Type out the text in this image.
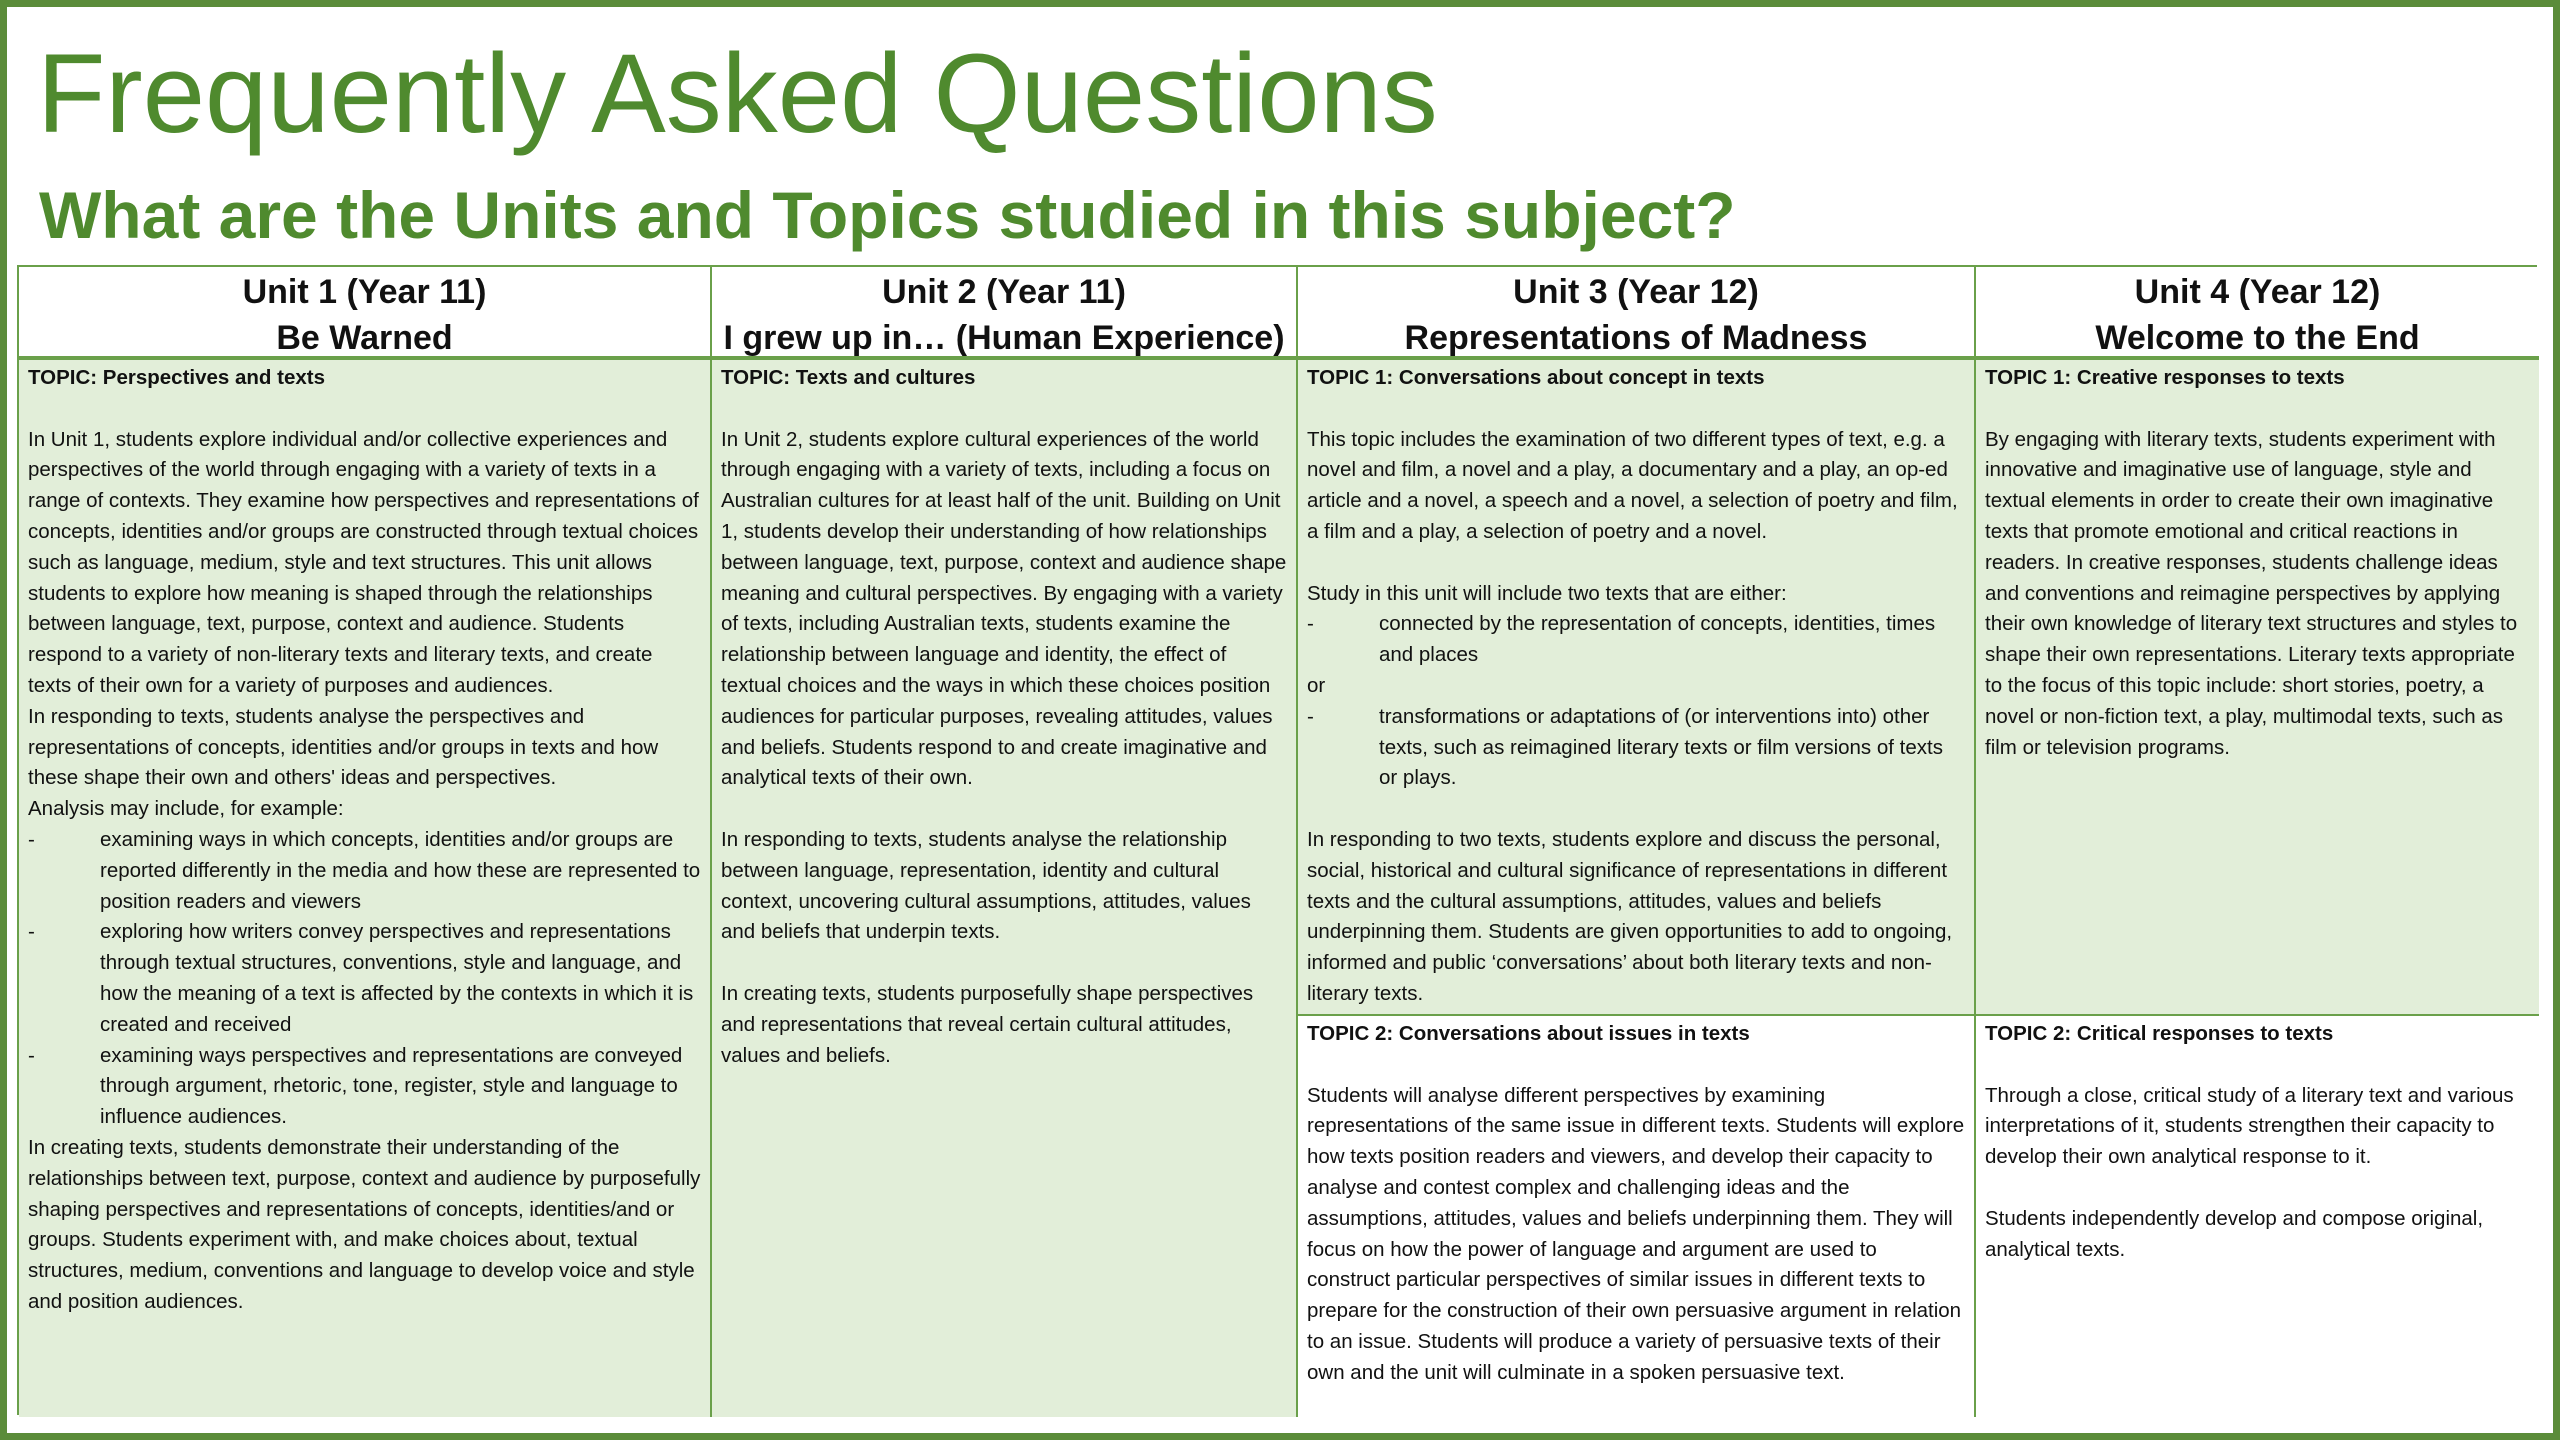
Frequently Asked Questions
What are the Units and Topics studied in this subject?
Unit 1 (Year 11)
Be Warned
Unit 2 (Year 11)
I grew up in… (Human Experience)
Unit 3 (Year 12)
Representations of Madness
Unit 4 (Year 12)
Welcome to the End
TOPIC: Perspectives and texts
In Unit 1, students explore individual and/or collective experiences and perspectives of the world through engaging with a variety of texts in a range of contexts. They examine how perspectives and representations of concepts, identities and/or groups are constructed through textual choices such as language, medium, style and text structures. This unit allows students to explore how meaning is shaped through the relationships between language, text, purpose, context and audience. Students respond to a variety of non-literary texts and literary texts, and create texts of their own for a variety of purposes and audiences.
In responding to texts, students analyse the perspectives and representations of concepts, identities and/or groups in texts and how these shape their own and others' ideas and perspectives.
Analysis may include, for example:
- examining ways in which concepts, identities and/or groups are reported differently in the media and how these are represented to position readers and viewers
- exploring how writers convey perspectives and representations through textual structures, conventions, style and language, and how the meaning of a text is affected by the contexts in which it is created and received
- examining ways perspectives and representations are conveyed through argument, rhetoric, tone, register, style and language to influence audiences.
In creating texts, students demonstrate their understanding of the relationships between text, purpose, context and audience by purposefully shaping perspectives and representations of concepts, identities/and or groups. Students experiment with, and make choices about, textual structures, medium, conventions and language to develop voice and style and position audiences.
TOPIC: Texts and cultures
In Unit 2, students explore cultural experiences of the world through engaging with a variety of texts, including a focus on Australian cultures for at least half of the unit. Building on Unit 1, students develop their understanding of how relationships between language, text, purpose, context and audience shape meaning and cultural perspectives. By engaging with a variety of texts, including Australian texts, students examine the relationship between language and identity, the effect of textual choices and the ways in which these choices position audiences for particular purposes, revealing attitudes, values and beliefs. Students respond to and create imaginative and analytical texts of their own.
In responding to texts, students analyse the relationship between language, representation, identity and cultural context, uncovering cultural assumptions, attitudes, values and beliefs that underpin texts.
In creating texts, students purposefully shape perspectives and representations that reveal certain cultural attitudes, values and beliefs.
TOPIC 1: Conversations about concept in texts
This topic includes the examination of two different types of text, e.g. a novel and film, a novel and a play, a documentary and a play, an op-ed article and a novel, a speech and a novel, a selection of poetry and film, a film and a play, a selection of poetry and a novel.
Study in this unit will include two texts that are either:
- connected by the representation of concepts, identities, times and places
or
- transformations or adaptations of (or interventions into) other texts, such as reimagined literary texts or film versions of texts or plays.
In responding to two texts, students explore and discuss the personal, social, historical and cultural significance of representations in different texts and the cultural assumptions, attitudes, values and beliefs underpinning them. Students are given opportunities to add to ongoing, informed and public ‘conversations’ about both literary texts and non-literary texts.
TOPIC 1: Creative responses to texts
By engaging with literary texts, students experiment with innovative and imaginative use of language, style and textual elements in order to create their own imaginative texts that promote emotional and critical reactions in readers. In creative responses, students challenge ideas and conventions and reimagine perspectives by applying their own knowledge of literary text structures and styles to shape their own representations. Literary texts appropriate to the focus of this topic include: short stories, poetry, a novel or non-fiction text, a play, multimodal texts, such as film or television programs.
TOPIC 2: Conversations about issues in texts
Students will analyse different perspectives by examining representations of the same issue in different texts. Students will explore how texts position readers and viewers, and develop their capacity to analyse and contest complex and challenging ideas and the assumptions, attitudes, values and beliefs underpinning them. They will focus on how the power of language and argument are used to construct particular perspectives of similar issues in different texts to prepare for the construction of their own persuasive argument in relation to an issue. Students will produce a variety of persuasive texts of their own and the unit will culminate in a spoken persuasive text.
TOPIC 2: Critical responses to texts
Through a close, critical study of a literary text and various interpretations of it, students strengthen their capacity to develop their own analytical response to it.
Students independently develop and compose original, analytical texts.
